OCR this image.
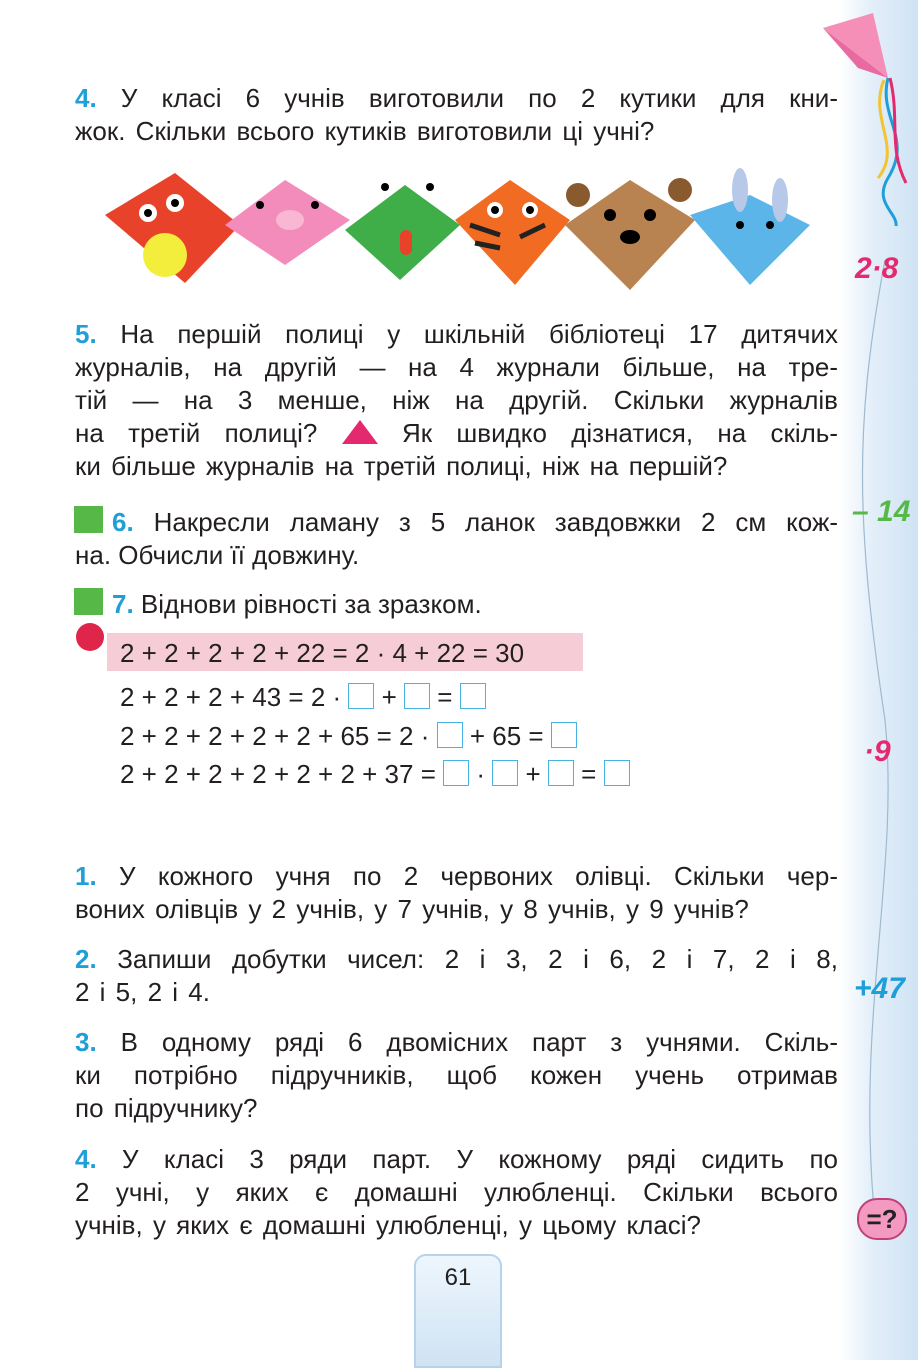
2·8
– 14
·9
+47
=?
4. У класі 6 учнів виготовили по 2 кутики для кни-
жок. Скільки всього кутиків виготовили ці учні?
5. На першій полиці у шкільній бібліотеці 17 дитячих
журналів, на другій — на 4 журнали більше, на тре-
тій — на 3 менше, ніж на другій. Скільки журналів
на третій полиці?	Як швидко дізнатися, на скіль-
ки більше журналів на третій полиці, ніж на першій?
6. Накресли ламану з 5 ланок завдовжки 2 см кож-
на. Обчисли її довжину.
7. Віднови рівності за зразком.
2 + 2 + 2 + 2 + 22 = 2 · 4 + 22 = 30
2 + 2 + 2 + 43 = 2 · + =
2 + 2 + 2 + 2 + 2 + 65 = 2 · + 65 =
2 + 2 + 2 + 2 + 2 + 2 + 37 = · + =
1. У кожного учня по 2 червоних олівці. Скільки чер-
воних олівців у 2 учнів, у 7 учнів, у 8 учнів, у 9 учнів?
2. Запиши добутки чисел: 2 і 3, 2 і 6, 2 і 7, 2 і 8,
2 і 5, 2 і 4.
3. В одному ряді 6 двомісних парт з учнями. Скіль-
ки потрібно підручників, щоб кожен учень отримав
по підручнику?
4. У класі 3 ряди парт. У кожному ряді сидить по
2 учні, у яких є домашні улюбленці. Скільки всього
учнів, у яких є домашні улюбленці, у цьому класі?
61
